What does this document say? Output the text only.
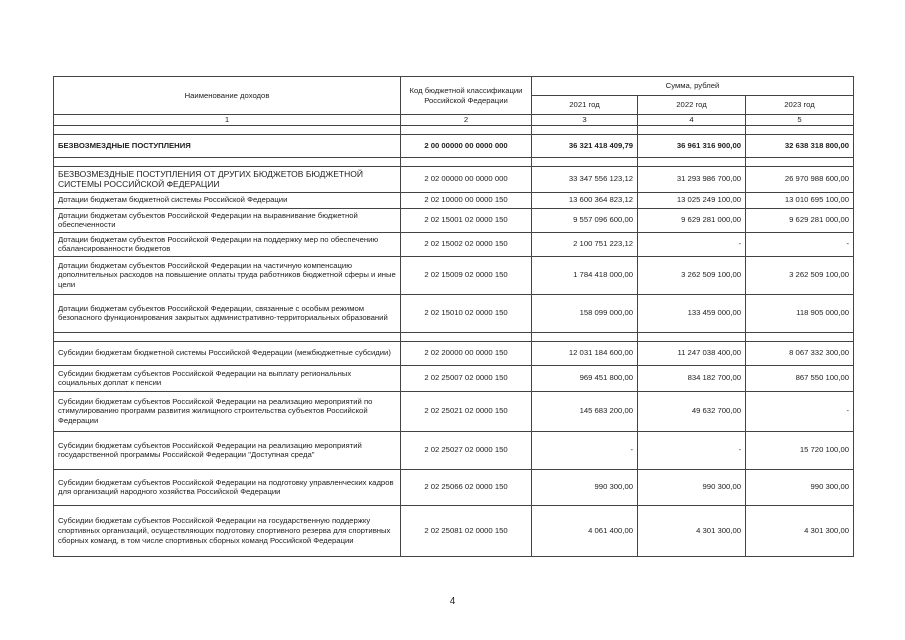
Наименование доходов	Код бюджетной классификации Российской Федерации	Сумма, рублей		
		2021 год	2022 год	2023 год
1	2	3	4	5

БЕЗВОЗМЕЗДНЫЕ ПОСТУПЛЕНИЯ	2 00 00000 00 0000 000	36 321 418 409,79	36 961 316 900,00	32 638 318 800,00

БЕЗВОЗМЕЗДНЫЕ ПОСТУПЛЕНИЯ ОТ ДРУГИХ БЮДЖЕТОВ БЮДЖЕТНОЙ СИСТЕМЫ РОССИЙСКОЙ ФЕДЕРАЦИИ	2 02 00000 00 0000 000	33 347 556 123,12	31 293 986 700,00	26 970 988 600,00
Дотации бюджетам бюджетной системы Российской Федерации	2 02 10000 00 0000 150	13 600 364 823,12	13 025 249 100,00	13 010 695 100,00
Дотации бюджетам субъектов Российской Федерации на выравнивание бюджетной обеспеченности	2 02 15001 02 0000 150	9 557 096 600,00	9 629 281 000,00	9 629 281 000,00
Дотации бюджетам субъектов Российской Федерации на поддержку мер по обеспечению сбалансированности бюджетов	2 02 15002 02 0000 150	2 100 751 223,12	-	-
Дотации бюджетам субъектов Российской Федерации на частичную компенсацию дополнительных расходов на повышение оплаты труда работников бюджетной сферы и иные цели	2 02 15009 02 0000 150	1 784 418 000,00	3 262 509 100,00	3 262 509 100,00
Дотации бюджетам субъектов Российской Федерации, связанные с особым режимом безопасного функционирования закрытых административно-территориальных образований	2 02 15010 02 0000 150	158 099 000,00	133 459 000,00	118 905 000,00

Субсидии бюджетам бюджетной системы Российской Федерации (межбюджетные субсидии)	2 02 20000 00 0000 150	12 031 184 600,00	11 247 038 400,00	8 067 332 300,00
Субсидии бюджетам субъектов Российской Федерации на выплату региональных социальных доплат к пенсии	2 02 25007 02 0000 150	969 451 800,00	834 182 700,00	867 550 100,00
Субсидии бюджетам субъектов Российской Федерации на реализацию мероприятий по стимулированию программ развития жилищного строительства субъектов Российской Федерации	2 02 25021 02 0000 150	145 683 200,00	49 632 700,00	-
Субсидии бюджетам субъектов Российской Федерации на реализацию мероприятий государственной программы Российской Федерации "Доступная среда"	2 02 25027 02 0000 150	-	-	15 720 100,00
Субсидии бюджетам субъектов Российской Федерации на подготовку управленческих кадров для организаций народного хозяйства Российской Федерации	2 02 25066 02 0000 150	990 300,00	990 300,00	990 300,00
Субсидии бюджетам субъектов Российской Федерации на государственную поддержку спортивных организаций, осуществляющих подготовку спортивного резерва для спортивных сборных команд, в том числе спортивных сборных команд Российской Федерации	2 02 25081 02 0000 150	4 061 400,00	4 301 300,00	4 301 300,00
4
